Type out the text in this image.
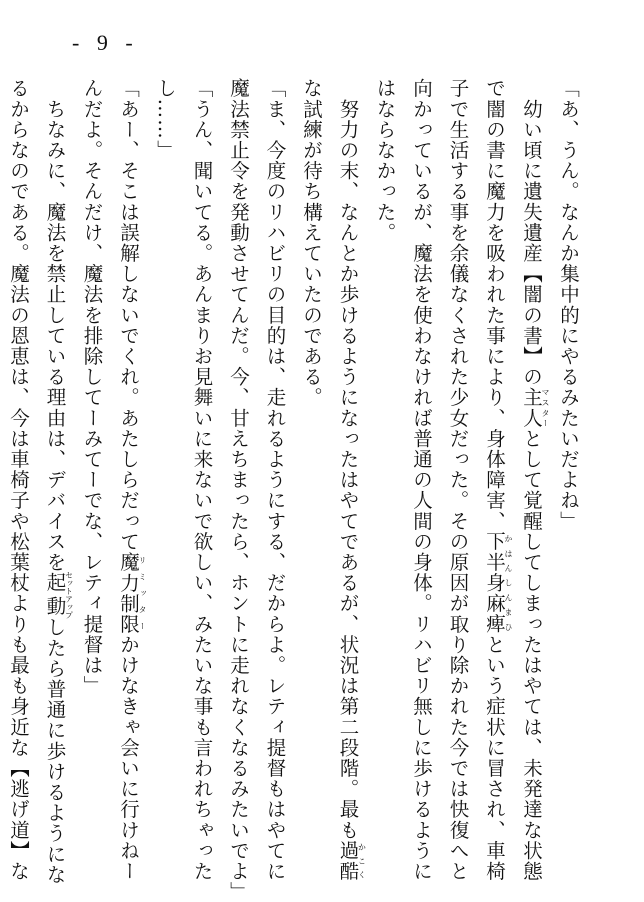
- 9 -
「あ、うん。なんか集中的にやるみたいだよね」
　幼い頃に遺失遺産【闇の書】の主人マスターとして覚醒してしまったはやては、未発達な状態
で闇の書に魔力を吸われた事により、身体障害、下半身麻痺かはんしんまひという症状に冒され、車椅
子で生活する事を余儀なくされた少女だった。その原因が取り除かれた今では快復へと
向かっているが、魔法を使わなければ普通の人間の身体。リハビリ無しに歩けるように
はならなかった。
　努力の末、なんとか歩けるようになったはやてであるが、状況は第二段階。最も過酷かこく
な試練が待ち構えていたのである。
「ま、今度のリハビリの目的は、走れるようにする、だからよ。レティ提督もはやてに
魔法禁止令を発動させてんだ。今、甘えちまったら、ホントに走れなくなるみたいでよ」
「うん、聞いてる。あんまりお見舞いに来ないで欲しい、みたいな事も言われちゃった
し……」
「あー、そこは誤解しないでくれ。あたしらだって魔力制限リミッターかけなきゃ会いに行けねー
んだよ。そんだけ、魔法を排除してーみてーでな、レティ提督は」
　ちなみに、魔法を禁止している理由は、デバイスを起動セットアップしたら普通に歩けるようにな
るからなのである。魔法の恩恵は、今は車椅子や松葉杖よりも最も身近な【逃げ道】な
